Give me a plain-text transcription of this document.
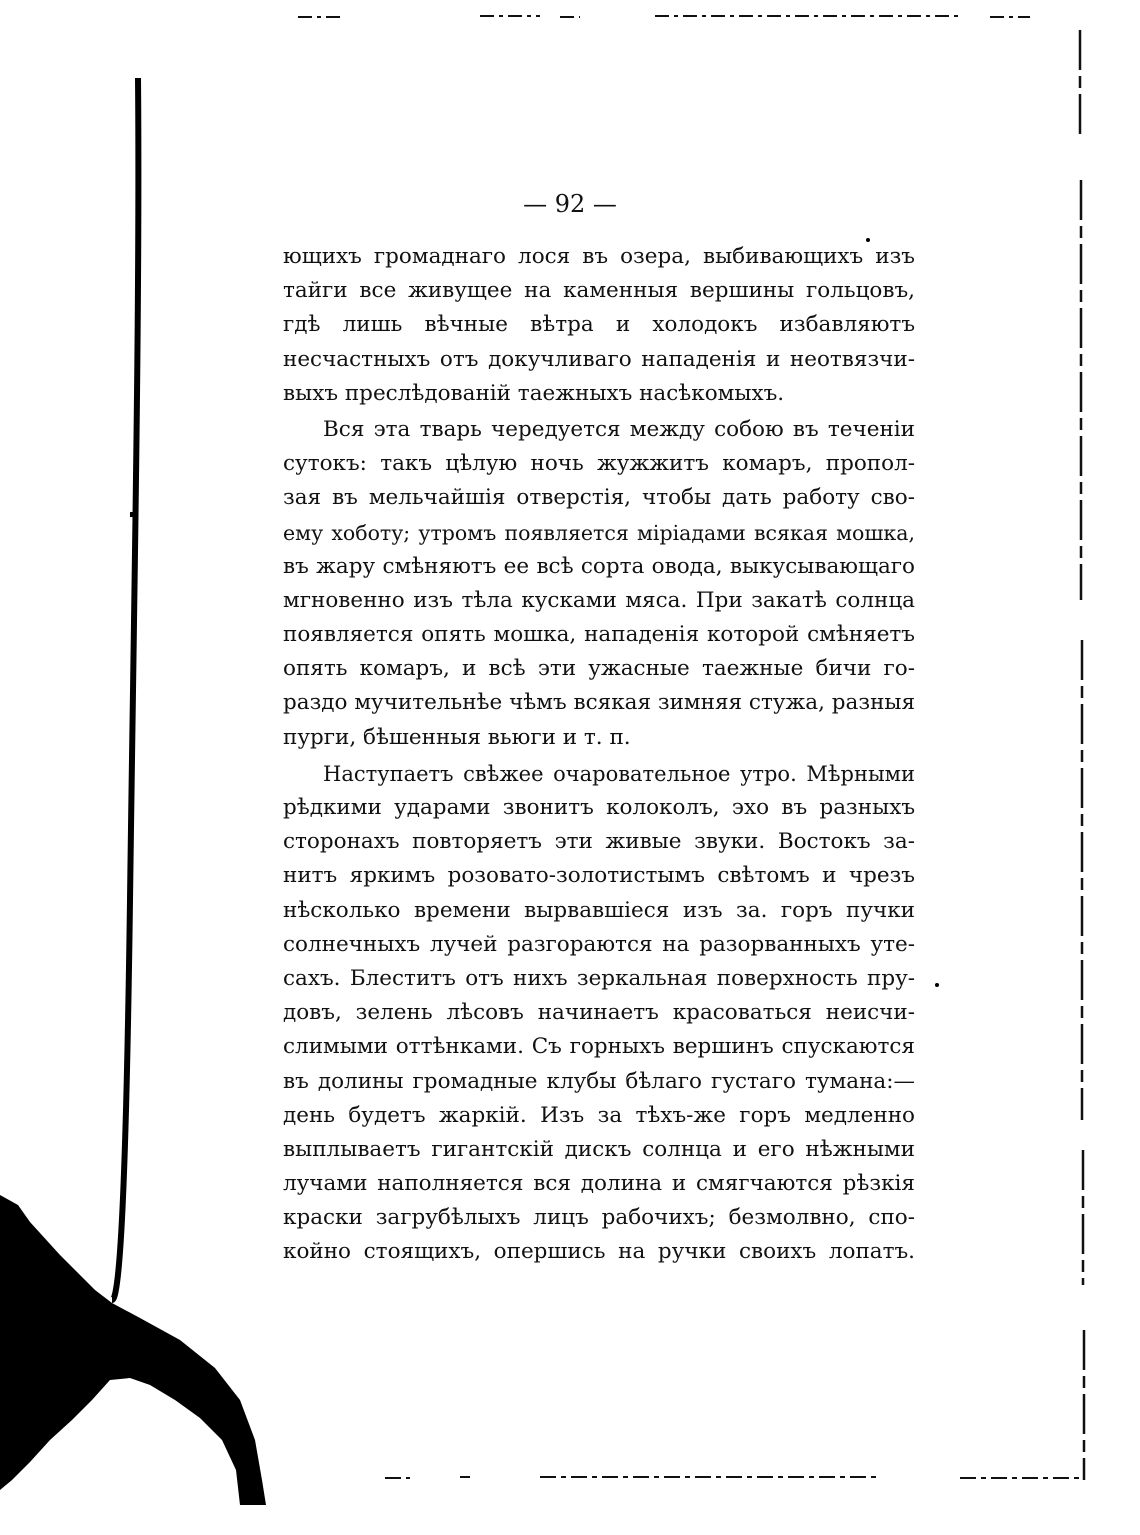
— 92 —

ющихъ громаднаго лося въ озера, выбивающихъ изъ
тайги все живущее на каменныя вершины гольцовъ,
гдѣ лишь вѣчные вѣтра и холодокъ избавляютъ
несчастныхъ отъ докучливаго нападенія и неотвязчи-
выхъ преслѣдованій таежныхъ насѣкомыхъ.

Вся эта тварь чередуется между собою въ теченіи
сутокъ: такъ цѣлую ночь жужжитъ комаръ, пропол-
зая въ мельчайшія отверстія, чтобы дать работу сво-
ему хоботу; утромъ появляется міріадами всякая мошка,
въ жару смѣняютъ ее всѣ сорта овода, выкусывающаго
мгновенно изъ тѣла кусками мяса. При закатѣ солнца
появляется опять мошка, нападенія которой смѣняетъ
опять комаръ, и всѣ эти ужасные таежные бичи го-
раздо мучительнѣе чѣмъ всякая зимняя стужа, разныя
пурги, бѣшенныя вьюги и т. п.

Наступаетъ свѣжее очаровательное утро. Мѣрными
рѣдкими ударами звонитъ колоколъ, эхо въ разныхъ
сторонахъ повторяетъ эти живые звуки. Востокъ за-
нитъ яркимъ розовато-золотистымъ свѣтомъ и чрезъ
нѣсколько времени вырвавшіеся изъ за. горъ пучки
солнечныхъ лучей разгораются на разорванныхъ уте-
сахъ. Блеститъ отъ нихъ зеркальная поверхность пру-
довъ, зелень лѣсовъ начинаетъ красоваться неисчи-
слимыми оттѣнками. Съ горныхъ вершинъ спускаются
въ долины громадные клубы бѣлаго густаго тумана:—
день будетъ жаркій. Изъ за тѣхъ-же горъ медленно
выплываетъ гигантскій дискъ солнца и его нѣжными
лучами наполняется вся долина и смягчаются рѣзкія
краски загрубѣлыхъ лицъ рабочихъ; безмолвно, спо-
койно стоящихъ, опершись на ручки своихъ лопатъ.
